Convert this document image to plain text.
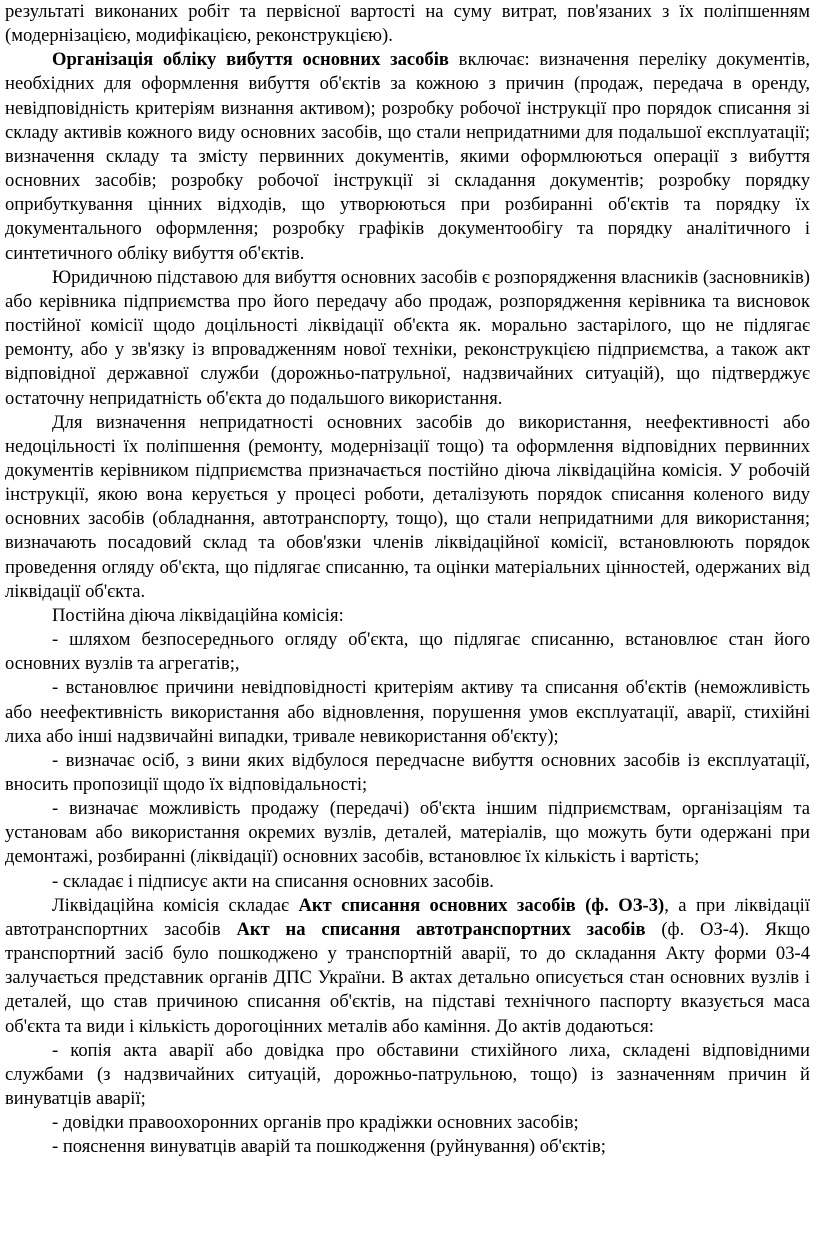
результаті виконаних робіт та первісної вартості на суму витрат, пов'язаних з їх поліпшенням (модернізацією, модифікацією, реконструкцією).

Організація обліку вибуття основних засобів включає: визначення переліку документів, необхідних для оформлення вибуття об'єктів за кожною з причин (продаж, передача в оренду, невідповідність критеріям визнання активом); розробку робочої інструкції про порядок списання зі складу активів кожного виду основних засобів, що стали непридатними для подальшої експлуатації; визначення складу та змісту первинних документів, якими оформлюються операції з вибуття основних засобів; розробку робочої інструкції зі складання документів; розробку порядку оприбуткування цінних відходів, що утворюються при розбиранні об'єктів та порядку їх документального оформлення; розробку графіків документообігу та порядку аналітичного і синтетичного обліку вибуття об'єктів.

Юридичною підставою для вибуття основних засобів є розпорядження власників (засновників) або керівника підприємства про його передачу або продаж, розпорядження керівника та висновок постійної комісії щодо доцільності ліквідації об'єкта як. морально застарілого, що не підлягає ремонту, або у зв'язку із впровадженням нової техніки, реконструкцією підприємства, а також акт відповідної державної служби (дорожньо-патрульної, надзвичайних ситуацій), що підтверджує остаточну непридатність об'єкта до подальшого використання.

Для визначення непридатності основних засобів до використання, неефективності або недоцільності їх поліпшення (ремонту, модернізації тощо) та оформлення відповідних первинних документів керівником підприємства призначається постійно діюча ліквідаційна комісія. У робочій інструкції, якою вона керується у процесі роботи, деталізують порядок списання коленого виду основних засобів (обладнання, автотранспорту, тощо), що стали непридатними для використання; визначають посадовий склад та обов'язки членів ліквідаційної комісії, встановлюють порядок проведення огляду об'єкта, що підлягає списанню, та оцінки матеріальних цінностей, одержаних від ліквідації об'єкта.

Постійна діюча ліквідаційна комісія:

- шляхом безпосереднього огляду об'єкта, що підлягає списанню, встановлює стан його основних вузлів та агрегатів;,

- встановлює причини невідповідності критеріям активу та списання об'єктів (неможливість або неефективність використання або відновлення, порушення умов експлуатації, аварії, стихійні лиха або інші надзвичайні випадки, тривале невикористання об'єкту);

- визначає осіб, з вини яких відбулося передчасне вибуття основних засобів із експлуатації, вносить пропозиції щодо їх відповідальності;

- визначає можливість продажу (передачі) об'єкта іншим підприємствам, організаціям та установам або використання окремих вузлів, деталей, матеріалів, що можуть бути одержані при демонтажі, розбиранні (ліквідації) основних засобів, встановлює їх кількість і вартість;

- складає і підписує акти на списання основних засобів.

Ліквідаційна комісія складає Акт списання основних засобів (ф. ОЗ-3), а при ліквідації автотранспортних засобів Акт на списання автотранспортних засобів (ф. ОЗ-4). Якщо транспортний засіб було пошкоджено у транспортній аварії, то до складання Акту форми 03-4 залучається представник органів ДПС України. В актах детально описується стан основних вузлів і деталей, що став причиною списання об'єктів, на підставі технічного паспорту вказується маса об'єкта та види і кількість дорогоцінних металів або каміння. До актів додаються:

- копія акта аварії або довідка про обставини стихійного лиха, складені відповідними службами (з надзвичайних ситуацій, дорожньо-патрульною, тощо) із зазначенням причин й винуватців аварії;

- довідки правоохоронних органів про крадіжки основних засобів;

- пояснення винуватців аварій та пошкодження (руйнування) об'єктів;
